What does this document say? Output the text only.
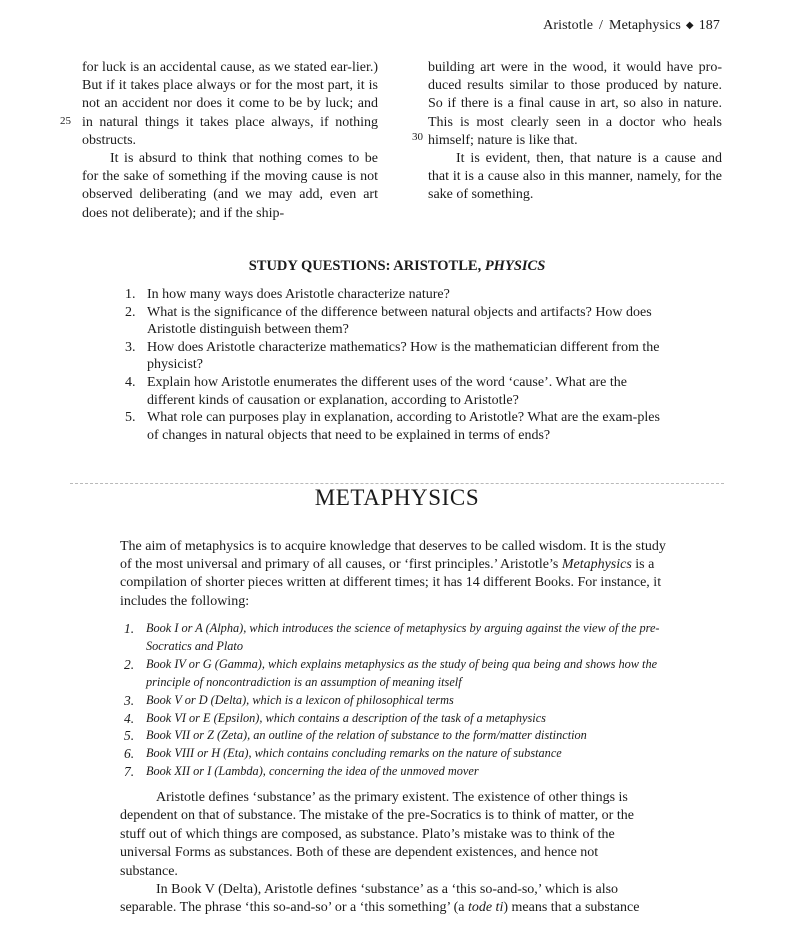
Aristotle / Metaphysics ◆ 187

for luck is an accidental cause, as we stated ear-lier.) But if it takes place always or for the most part, it is not an accident nor does it come to be by luck; and in natural things it takes place always, if nothing obstructs.

It is absurd to think that nothing comes to be for the sake of something if the moving cause is not observed deliberating (and we may add, even art does not deliberate); and if the ship-

25

building art were in the wood, it would have pro-duced results similar to those produced by nature. So if there is a final cause in art, so also in nature. This is most clearly seen in a doctor who heals himself; nature is like that.

It is evident, then, that nature is a cause and that it is a cause also in this manner, namely, for the sake of something.

30
STUDY QUESTIONS: ARISTOTLE, PHYSICS
1. In how many ways does Aristotle characterize nature?
2. What is the significance of the difference between natural objects and artifacts? How does Aristotle distinguish between them?
3. How does Aristotle characterize mathematics? How is the mathematician different from the physicist?
4. Explain how Aristotle enumerates the different uses of the word ‘cause’. What are the different kinds of causation or explanation, according to Aristotle?
5. What role can purposes play in explanation, according to Aristotle? What are the exam-ples of changes in natural objects that need to be explained in terms of ends?
METAPHYSICS

The aim of metaphysics is to acquire knowledge that deserves to be called wisdom. It is the study of the most universal and primary of all causes, or ‘first principles.’ Aristotle’s Metaphysics is a compilation of shorter pieces written at different times; it has 14 different Books. For instance, it includes the following:

1. Book I or A (Alpha), which introduces the science of metaphysics by arguing against the view of the pre-Socratics and Plato
2. Book IV or G (Gamma), which explains metaphysics as the study of being qua being and shows how the principle of noncontradiction is an assumption of meaning itself
3. Book V or D (Delta), which is a lexicon of philosophical terms
4. Book VI or E (Epsilon), which contains a description of the task of a metaphysics
5. Book VII or Z (Zeta), an outline of the relation of substance to the form/matter distinction
6. Book VIII or H (Eta), which contains concluding remarks on the nature of substance
7. Book XII or I (Lambda), concerning the idea of the unmoved mover

Aristotle defines ‘substance’ as the primary existent. The existence of other things is dependent on that of substance. The mistake of the pre-Socratics is to think of matter, or the stuff out of which things are composed, as substance. Plato’s mistake was to think of the universal Forms as substances. Both of these are dependent existences, and hence not substance.

In Book V (Delta), Aristotle defines ‘substance’ as a ‘this so-and-so,’ which is also separable. The phrase ‘this so-and-so’ or a ‘this something’ (a tode ti) means that a substance
